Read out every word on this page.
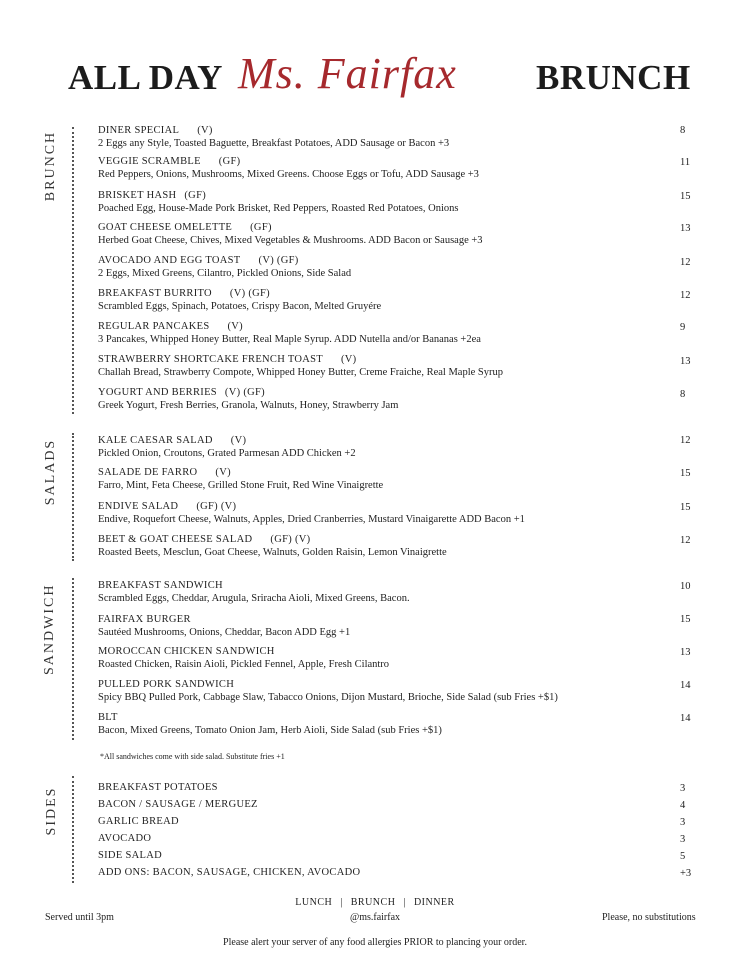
ALL DAY Ms. Fairfax BRUNCH
BRUNCH
SALADS
SANDWICH
SIDES
DINER SPECIAL (V)
2 Eggs any Style, Toasted Baguette, Breakfast Potatoes, ADD Sausage or Bacon +3
8
VEGGIE SCRAMBLE (GF)
Red Peppers, Onions, Mushrooms, Mixed Greens. Choose Eggs or Tofu, ADD Sausage +3
11
BRISKET HASH (GF)
Poached Egg, House-Made Pork Brisket, Red Peppers, Roasted Red Potatoes, Onions
15
GOAT CHEESE OMELETTE (GF)
Herbed Goat Cheese, Chives, Mixed Vegetables & Mushrooms. ADD Bacon or Sausage +3
13
AVOCADO AND EGG TOAST (V) (GF)
2 Eggs, Mixed Greens, Cilantro, Pickled Onions, Side Salad
12
BREAKFAST BURRITO (V) (GF)
Scrambled Eggs, Spinach, Potatoes, Crispy Bacon, Melted Gruyére
12
REGULAR PANCAKES (V)
3 Pancakes, Whipped Honey Butter, Real Maple Syrup. ADD Nutella and/or Bananas +2ea
9
STRAWBERRY SHORTCAKE FRENCH TOAST (V)
Challah Bread, Strawberry Compote, Whipped Honey Butter, Creme Fraiche, Real Maple Syrup
13
YOGURT AND BERRIES (V) (GF)
Greek Yogurt, Fresh Berries, Granola, Walnuts, Honey, Strawberry Jam
8
KALE CAESAR SALAD (V)
Pickled Onion, Croutons, Grated Parmesan ADD Chicken +2
12
SALADE DE FARRO (V)
Farro, Mint, Feta Cheese, Grilled Stone Fruit, Red Wine Vinaigrette
15
ENDIVE SALAD (GF) (V)
Endive, Roquefort Cheese, Walnuts, Apples, Dried Cranberries, Mustard Vinaigarette ADD Bacon +1
15
BEET & GOAT CHEESE SALAD (GF) (V)
Roasted Beets, Mesclun, Goat Cheese, Walnuts, Golden Raisin, Lemon Vinaigrette
12
BREAKFAST SANDWICH
Scrambled Eggs, Cheddar, Arugula, Sriracha Aioli, Mixed Greens, Bacon.
10
FAIRFAX BURGER
Sautéed Mushrooms, Onions, Cheddar, Bacon ADD Egg +1
15
MOROCCAN CHICKEN SANDWICH
Roasted Chicken, Raisin Aioli, Pickled Fennel, Apple, Fresh Cilantro
13
PULLED PORK SANDWICH
Spicy BBQ Pulled Pork, Cabbage Slaw, Tabacco Onions, Dijon Mustard, Brioche, Side Salad (sub Fries +$1)
14
BLT
Bacon, Mixed Greens, Tomato Onion Jam, Herb Aioli, Side Salad (sub Fries +$1)
14
*All sandwiches come with side salad. Substitute fries +1
BREAKFAST POTATOES	3
BACON / SAUSAGE / MERGUEZ	4
GARLIC BREAD	3
AVOCADO	3
SIDE SALAD	5
ADD ONS: BACON, SAUSAGE, CHICKEN, AVOCADO	+3
LUNCH | BRUNCH | DINNER
Served until 3pm	@ms.fairfax	Please, no substitutions
Please alert your server of any food allergies PRIOR to plancing your order.
